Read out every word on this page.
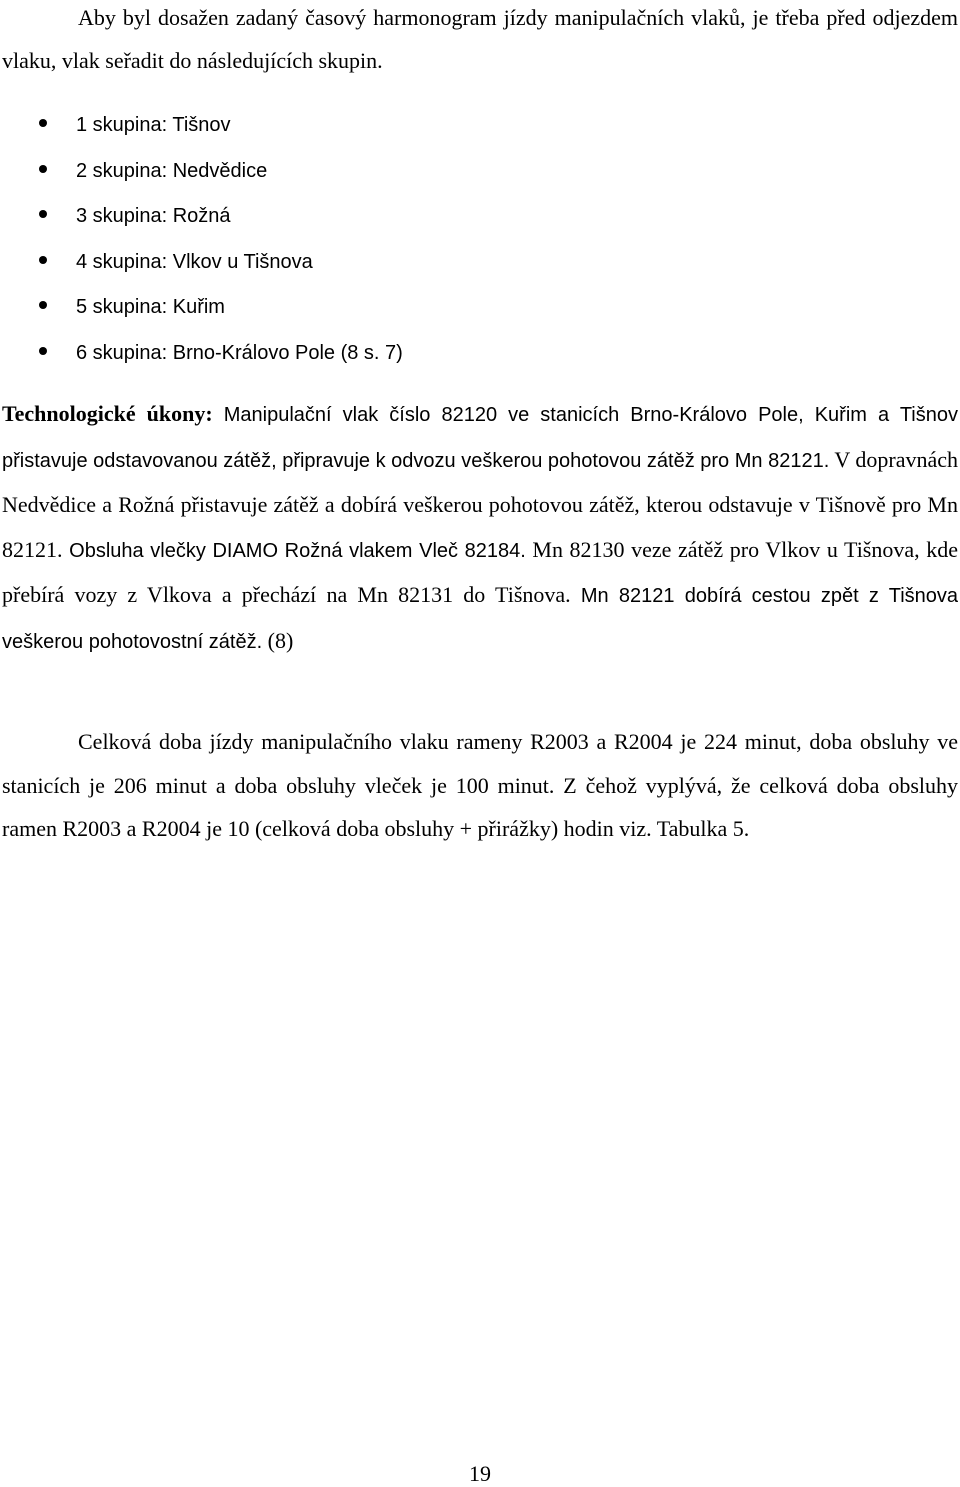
Aby byl dosažen zadaný časový harmonogram jízdy manipulačních vlaků, je třeba před odjezdem vlaku, vlak seřadit do následujících skupin.

1 skupina: Tišnov
2 skupina: Nedvědice
3 skupina: Rožná
4 skupina: Vlkov u Tišnova
5 skupina: Kuřim
6 skupina: Brno-Královo Pole (8 s. 7)

Technologické úkony: Manipulační vlak číslo 82120 ve stanicích Brno-Královo Pole, Kuřim a Tišnov přistavuje odstavovanou zátěž, připravuje k odvozu veškerou pohotovou zátěž pro Mn 82121. V dopravnách Nedvědice a Rožná přistavuje zátěž a dobírá veškerou pohotovou zátěž, kterou odstavuje v Tišnově pro Mn 82121. Obsluha vlečky DIAMO Rožná vlakem Vleč 82184. Mn 82130 veze zátěž pro Vlkov u Tišnova, kde přebírá vozy z Vlkova a přechází na Mn 82131 do Tišnova. Mn 82121 dobírá cestou zpět z Tišnova veškerou pohotovostní zátěž. (8)

Celková doba jízdy manipulačního vlaku rameny R2003 a R2004 je 224 minut, doba obsluhy ve stanicích je 206 minut a doba obsluhy vleček je 100 minut. Z čehož vyplývá, že celková doba obsluhy ramen R2003 a R2004 je 10 (celková doba obsluhy + přirážky) hodin viz. Tabulka 5.

19
